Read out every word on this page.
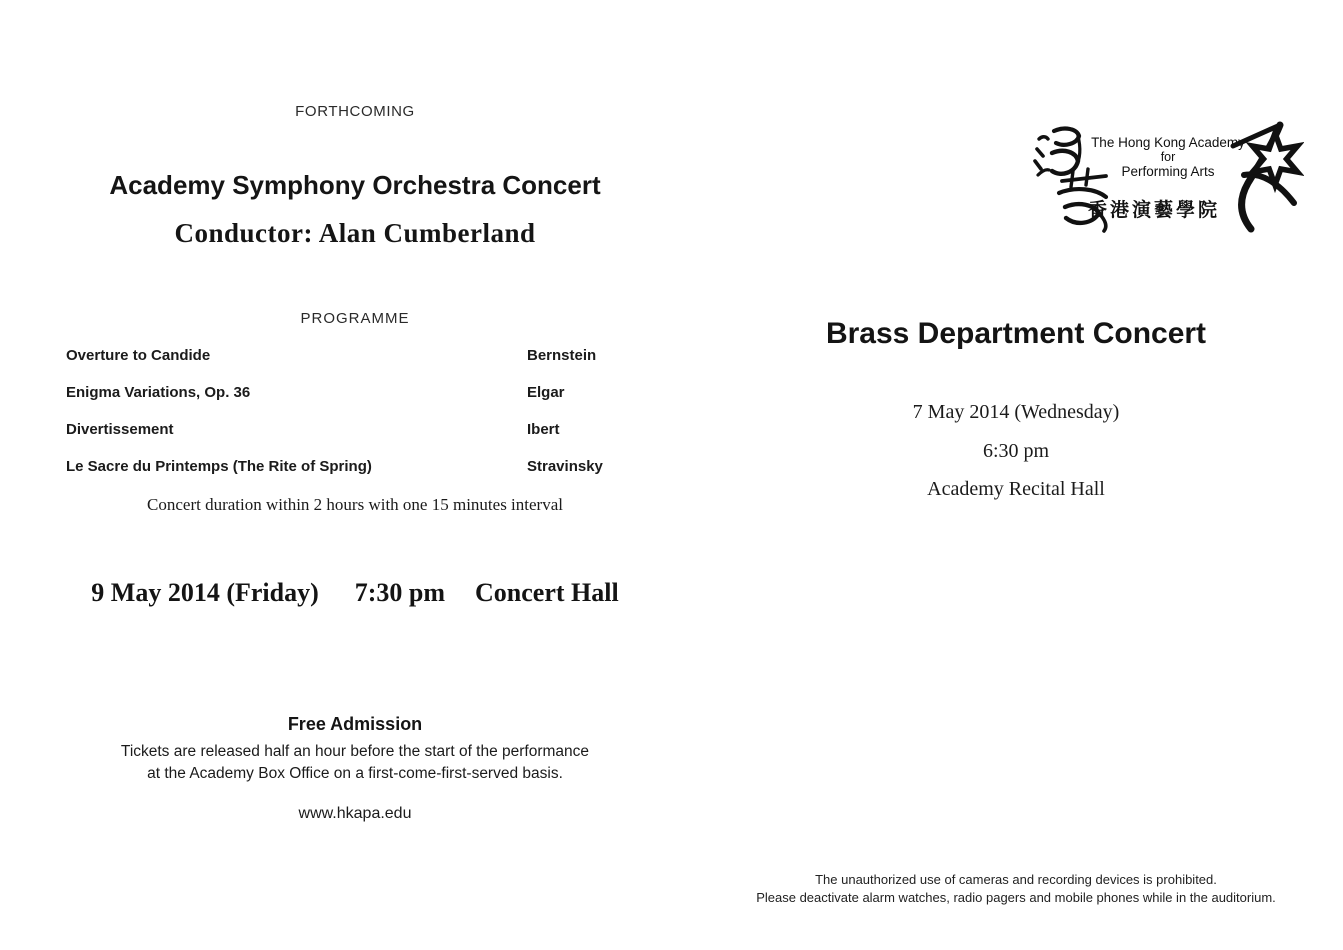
FORTHCOMING
Academy Symphony Orchestra Concert
Conductor: Alan Cumberland
PROGRAMME
Overture to Candide	Bernstein
Enigma Variations, Op. 36	Elgar
Divertissement	Ibert
Le Sacre du Printemps (The Rite of Spring)	Stravinsky
Concert duration within 2 hours with one 15 minutes interval
9 May 2014 (Friday) 7:30 pm Concert Hall
Free Admission
Tickets are released half an hour before the start of the performance
at the Academy Box Office on a first-come-first-served basis.
www.hkapa.edu
Brass Department Concert
7 May 2014 (Wednesday)
6:30 pm
Academy Recital Hall
The unauthorized use of cameras and recording devices is prohibited.
Please deactivate alarm watches, radio pagers and mobile phones while in the auditorium.
The Hong Kong Academy
for
Performing Arts
香港演藝學院
